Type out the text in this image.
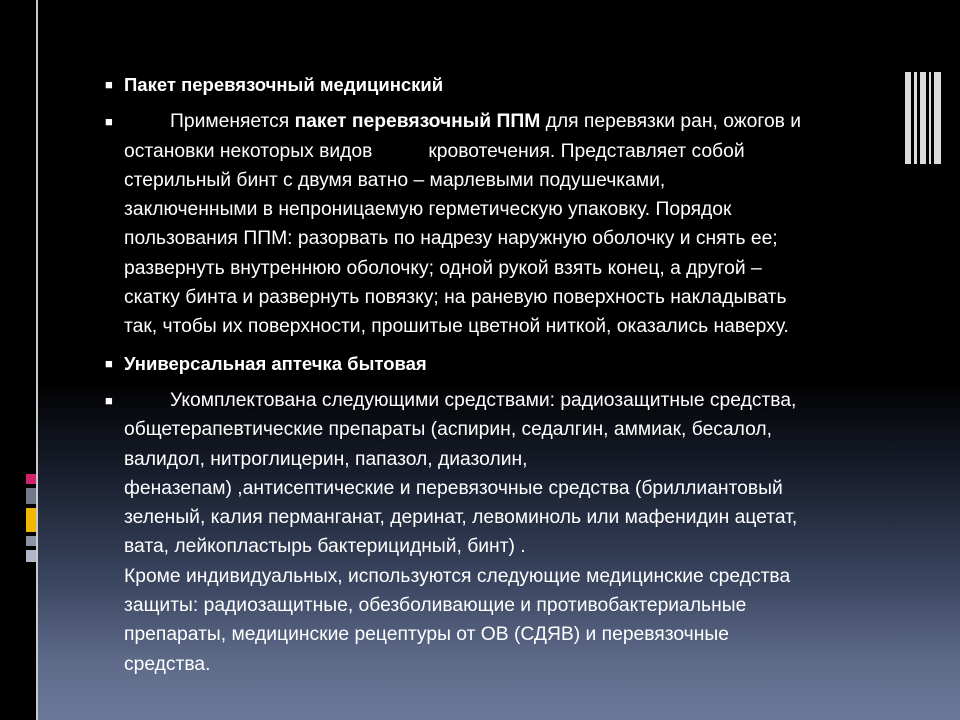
■ Пакет перевязочный медицинский
■	Применяется пакет перевязочный ППМ для перевязки ран, ожогов и
остановки некоторых видов	кровотечения. Представляет собой
стерильный бинт с двумя ватно – марлевыми подушечками,
заключенными в непроницаемую герметическую упаковку. Порядок
пользования ППМ: разорвать по надрезу наружную оболочку и снять ее;
развернуть внутреннюю оболочку; одной рукой взять конец, а другой –
скатку бинта и развернуть повязку; на раневую поверхность накладывать
так, чтобы их поверхности, прошитые цветной ниткой, оказались наверху.
■ Универсальная аптечка бытовая
■	Укомплектована следующими средствами: радиозащитные средства,
общетерапевтические препараты (аспирин, седалгин, аммиак, бесалол,
валидол, нитроглицерин, папазол, диазолин,
феназепам) ,антисептические и перевязочные средства (бриллиантовый
зеленый, калия перманганат, деринат, левоминоль или мафенидин ацетат,
вата, лейкопластырь бактерицидный, бинт) .
Кроме индивидуальных, используются следующие медицинские средства
защиты: радиозащитные, обезболивающие и противобактериальные
препараты, медицинские рецептуры от ОВ (СДЯВ) и перевязочные
средства.
